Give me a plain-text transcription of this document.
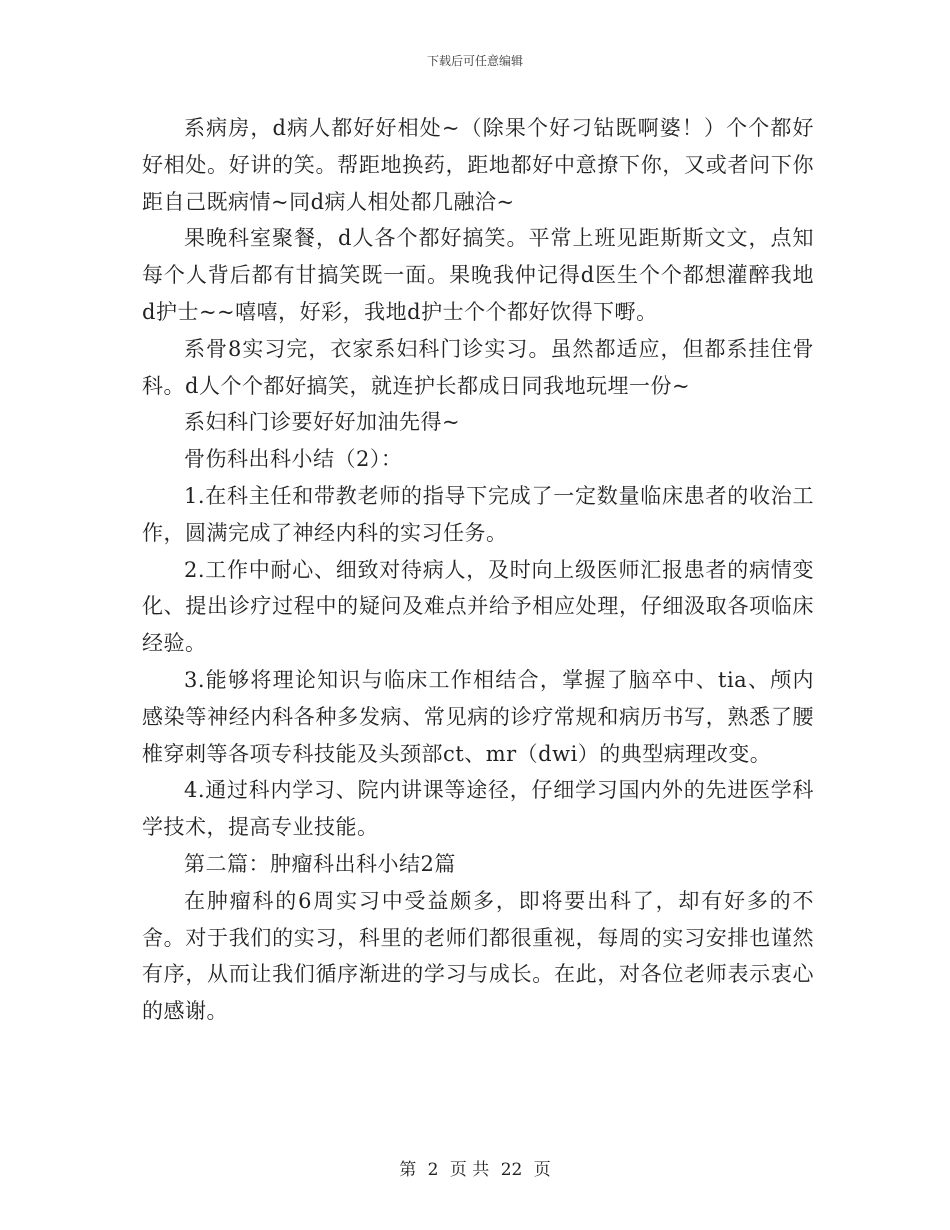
下载后可任意编辑

系病房，d病人都好好相处~（除果个好刁钻既啊婆！）个个都好好相处。好讲的笑。帮距地换药，距地都好中意撩下你，又或者问下你距自己既病情~同d病人相处都几融洽~

果晚科室聚餐，d人各个都好搞笑。平常上班见距斯斯文文，点知每个人背后都有甘搞笑既一面。果晚我仲记得d医生个个都想灌醉我地d护士~~嘻嘻，好彩，我地d护士个个都好饮得下嘢。

系骨8实习完，衣家系妇科门诊实习。虽然都适应，但都系挂住骨科。d人个个都好搞笑，就连护长都成日同我地玩埋一份~

系妇科门诊要好好加油先得~

骨伤科出科小结（2）：

1.在科主任和带教老师的指导下完成了一定数量临床患者的收治工作，圆满完成了神经内科的实习任务。

2.工作中耐心、细致对待病人，及时向上级医师汇报患者的病情变化、提出诊疗过程中的疑问及难点并给予相应处理，仔细汲取各项临床经验。

3.能够将理论知识与临床工作相结合，掌握了脑卒中、tia、颅内感染等神经内科各种多发病、常见病的诊疗常规和病历书写，熟悉了腰椎穿刺等各项专科技能及头颈部ct、mr（dwi）的典型病理改变。

4.通过科内学习、院内讲课等途径，仔细学习国内外的先进医学科学技术，提高专业技能。

第二篇：肿瘤科出科小结2篇

在肿瘤科的6周实习中受益颇多，即将要出科了，却有好多的不舍。对于我们的实习，科里的老师们都很重视，每周的实习安排也谨然有序，从而让我们循序渐进的学习与成长。在此，对各位老师表示衷心的感谢。

第 2 页 共 22 页
